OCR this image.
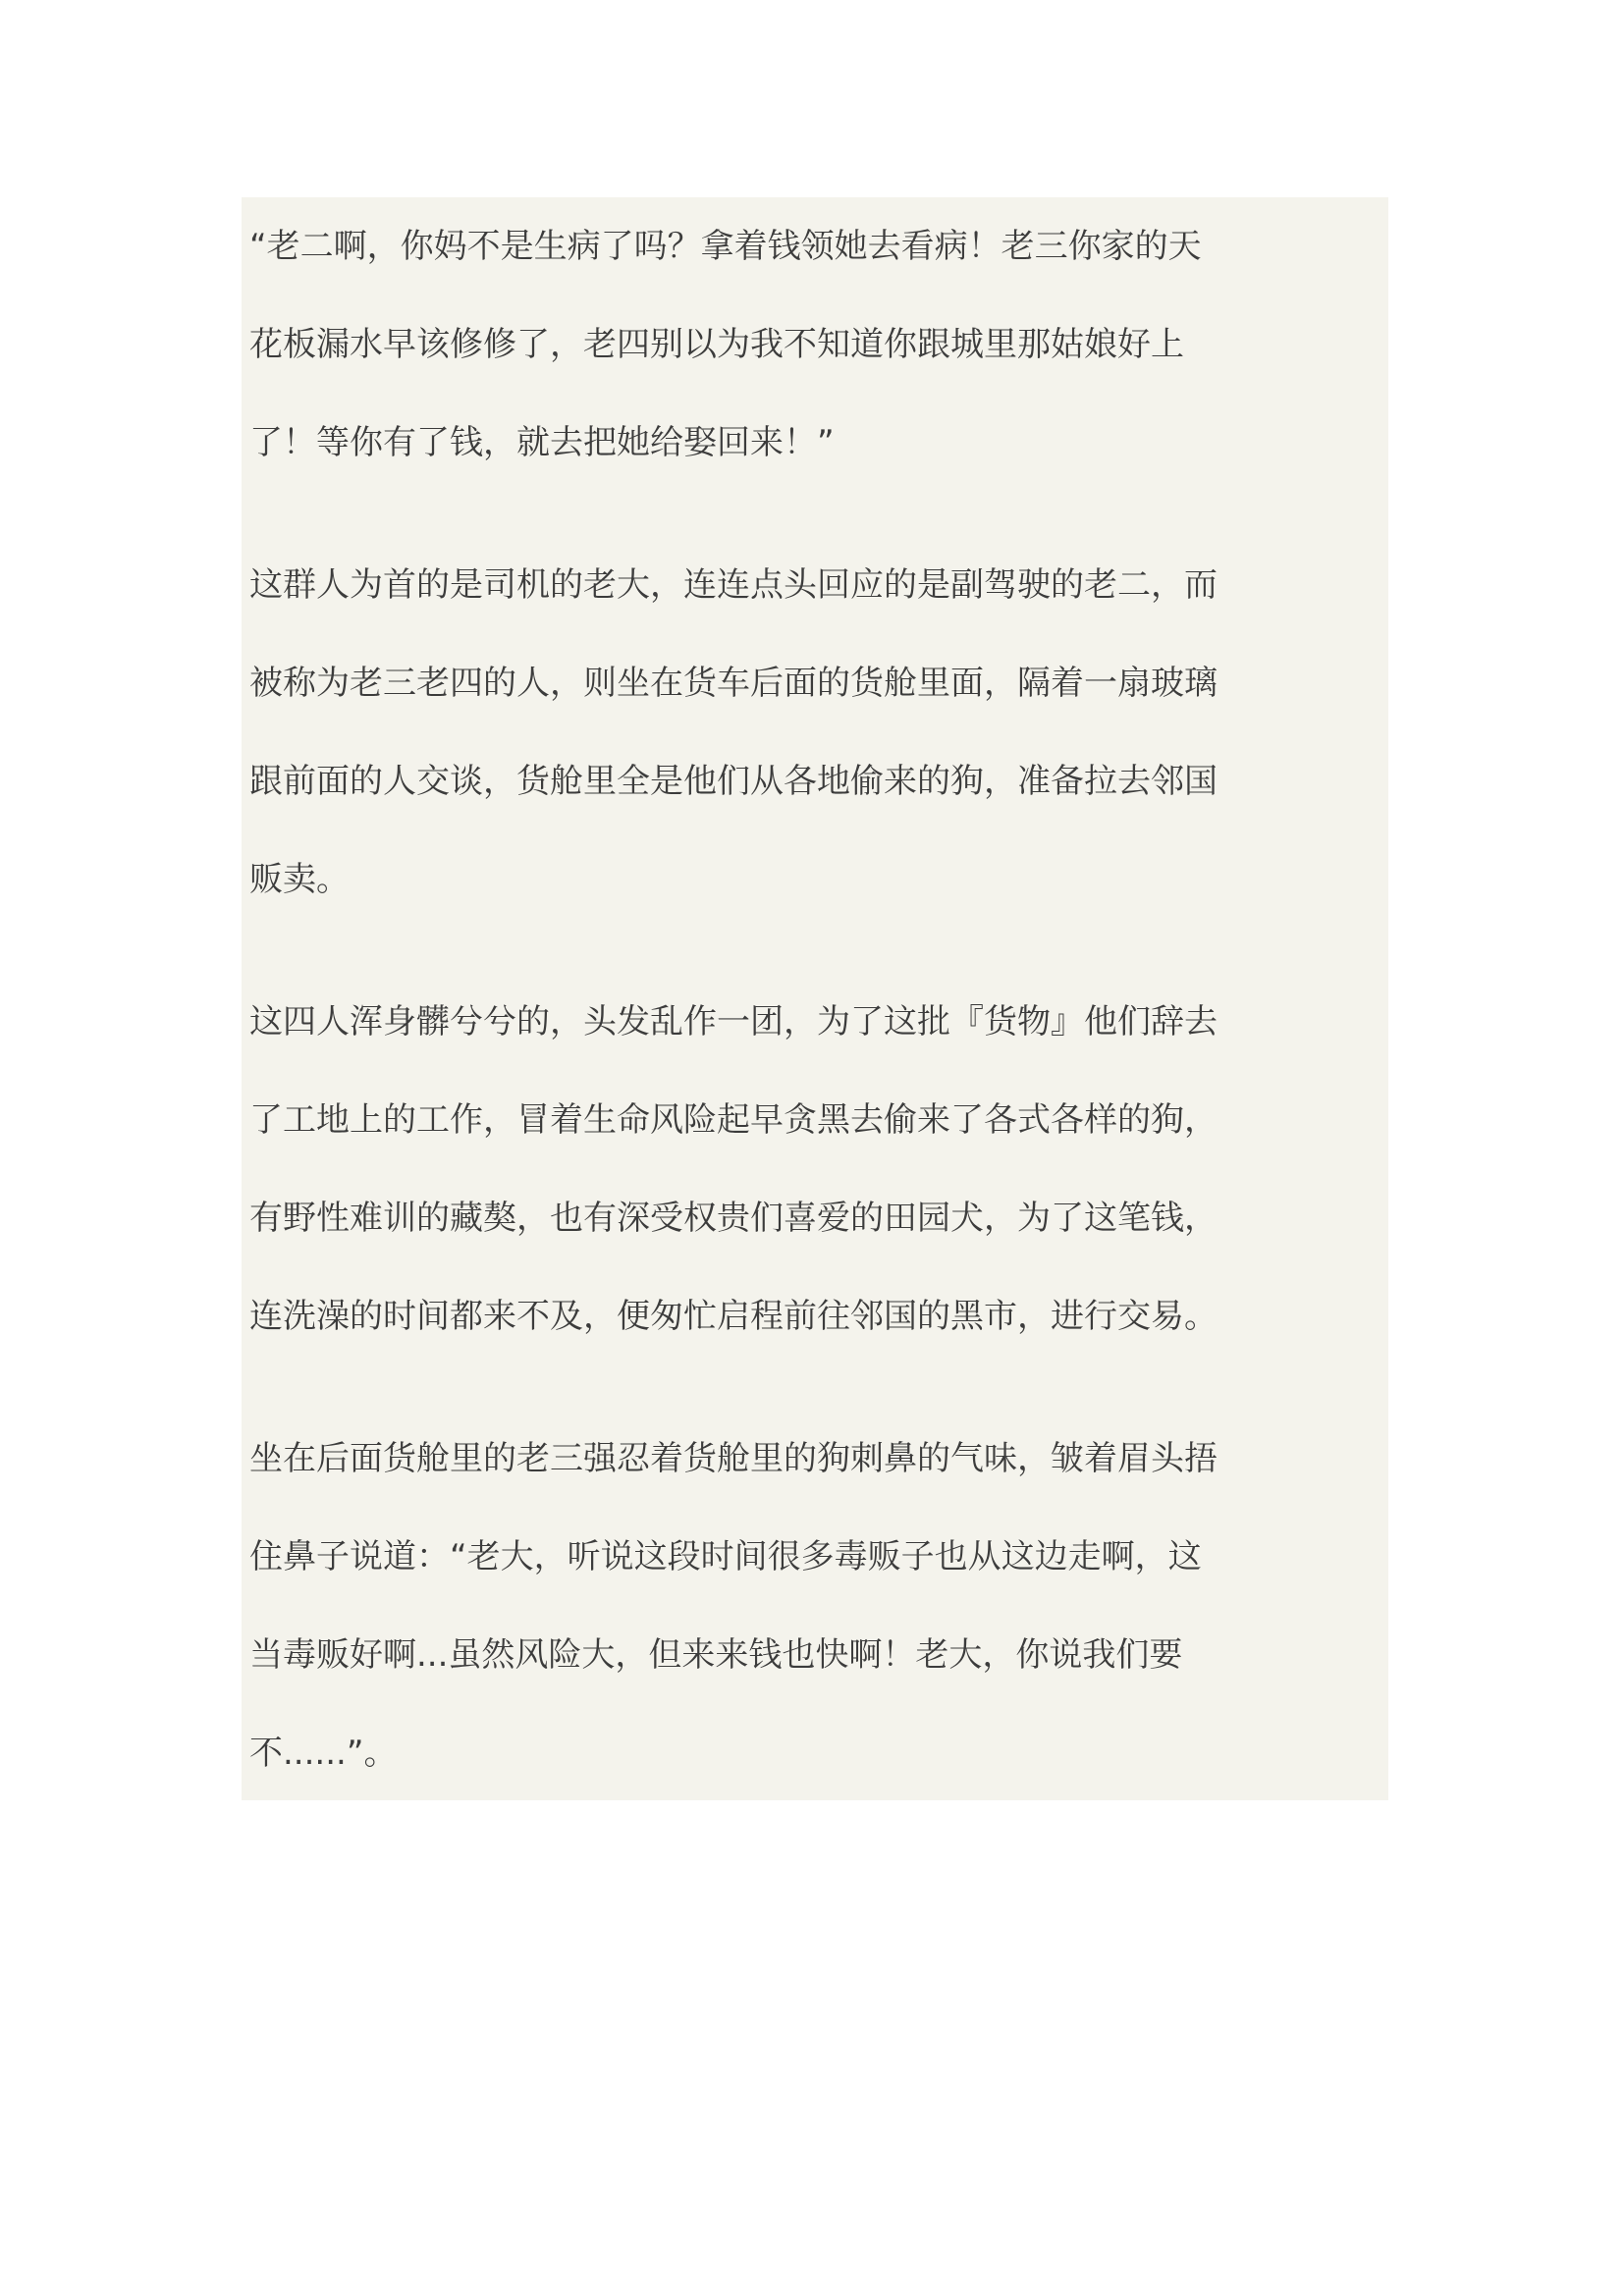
“老二啊，你妈不是生病了吗？拿着钱领她去看病！老三你家的天
花板漏水早该修修了，老四别以为我不知道你跟城里那姑娘好上
了！等你有了钱，就去把她给娶回来！”
这群人为首的是司机的老大，连连点头回应的是副驾驶的老二，而
被称为老三老四的人，则坐在货车后面的货舱里面，隔着一扇玻璃
跟前面的人交谈，货舱里全是他们从各地偷来的狗，准备拉去邻国
贩卖。
这四人浑身髒兮兮的，头发乱作一团，为了这批『货物』他们辞去
了工地上的工作，冒着生命风险起早贪黑去偷来了各式各样的狗，
有野性难训的藏獒，也有深受权贵们喜爱的田园犬，为了这笔钱，
连洗澡的时间都来不及，便匆忙启程前往邻国的黑市，进行交易。
坐在后面货舱里的老三强忍着货舱里的狗刺鼻的气味，皱着眉头捂
住鼻子说道：“老大，听说这段时间很多毒贩子也从这边走啊，这
当毒贩好啊...虽然风险大，但来来钱也快啊！老大，你说我们要
不......”。
